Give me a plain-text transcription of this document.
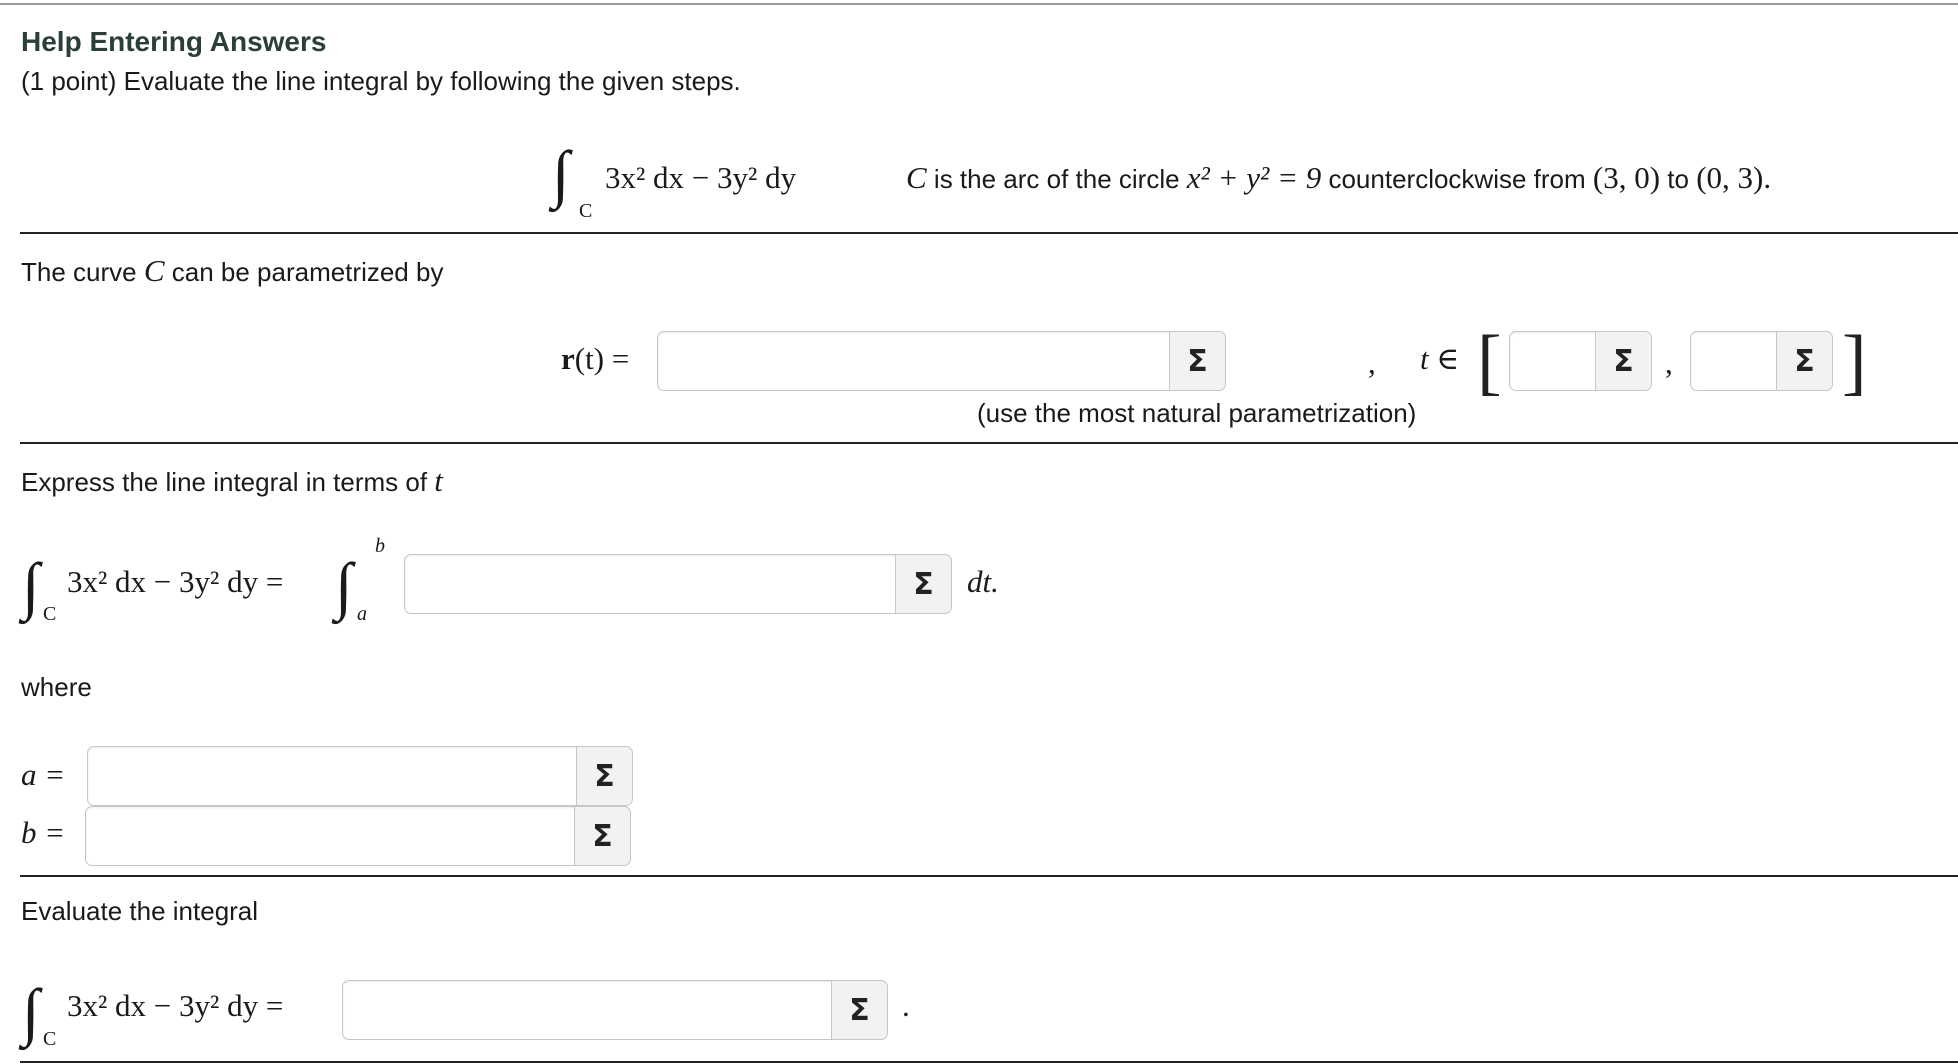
Help Entering Answers
(1 point) Evaluate the line integral by following the given steps.
∫
C
3x² dx − 3y² dy	C is the arc of the circle x² + y² = 9 counterclockwise from (3, 0) to (0, 3).
The curve C can be parametrized by
r(t) =	Σ	, t ∈ [	Σ	,	Σ ]
(use the most natural parametrization)
Express the line integral in terms of t
∫ C
3x² dx − 3y² dy = ∫
b
a
Σ	dt.
where
a =	Σ
b =	Σ
Evaluate the integral
∫ C
3x² dx − 3y² dy =	Σ	.
